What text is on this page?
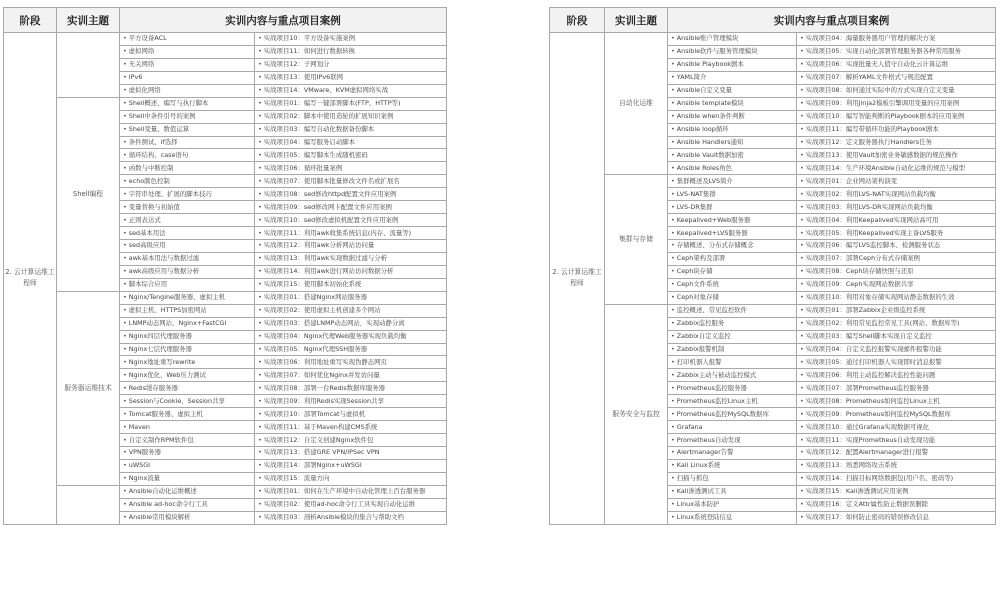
阶段	实训主题	实训内容与重点项目案例	
2. 云计算运维工程师		• 平方设备ACL	• 实战项目10：平方设备实施案例
		• 虚拟网络	• 实战项目11：如何进行数据转换
		• 无关网络	• 实战项目12：子网划分
		• IPv6	• 实战项目13：使用IPv6联网
		• 虚拟化网络	• 实战项目14：VMware、KVM虚拟网络实战
	Shell编程	• Shell概述、编写与执行脚本	• 实战项目01：编写一键部署脚本(FTP、HTTP等)
		• Shell中条件引号的案例	• 实战项目02：脚本中使用造轮的扩展知识案例
		• Shell变量、数值运算	• 实战项目03：编写自动化数据备份脚本
		• 条件测试、if选择	• 实战项目04：编写服务启动脚本
		• 循环结构、case语句	• 实战项目05：编写脚本生成随机密码
		• 函数与中断控制	• 实战项目06：循环批量案例
		• echo颜色控制	• 实战项目07：使用脚本批量修改文件名或扩展名
		• 字符串处理、扩展的脚本技巧	• 实战项目08：sed修改httpd配置文件应用案例
		• 变量替换与初始值	• 实战项目09：sed修改网卡配置文件应用案例
		• 正则表达式	• 实战项目10：sed修改虚拟机配置文件应用案例
		• sed基本用法	• 实战项目11：利用awk收集系统信息(内存、流量等)
		• sed高级应用	• 实战项目12：利用awk分析网站访问量
		• awk基本用法与数据过滤	• 实战项目13：利用awk实现数据过滤与分析
		• awk高级应用与数据分析	• 实战项目14：利用awk进行网站访问数据分析
		• 脚本综合应用	• 实战项目15：使用脚本初始化系统
	服务器运维技术	• Nginx/Tengine服务器、虚拟主机	• 实战项目01：搭建Nginx网站服务器
		• 虚拟主机、HTTPS加密网站	• 实战项目02：使用虚拟主机创建多个网站
		• LNMP动态网站、Nginx+FastCGI	• 实战项目03：搭建LNMP动态网站，实现动静分离
		• Nginx四层代理服务器	• 实战项目04：Nginx代理Web服务器实现负载均衡
		• Nginx七层代理服务器	• 实战项目05：Nginx代理SSH服务器
		• Nginx地址重写rewrite	• 实战项目06：利用地址重写实现伪静态网页
		• Nginx优化、Web压力测试	• 实战项目07：如何优化Nginx并发访问量
		• Redis缓存服务器	• 实战项目08：部署一台Redis数据库服务器
		• Session与Cookie、Session共享	• 实战项目09：利用Redis实现Session共享
		• Tomcat服务器、虚拟主机	• 实战项目10：部署Tomcat与虚拟机
		• Maven	• 实战项目11：基于Maven构建CMS系统
		• 自定义制作RPM软件包	• 实战项目12：自定义创建Nginx软件包
		• VPN服务器	• 实战项目13：搭建GRE VPN/IPSec VPN
		• uWSGI	• 实战项目14：部署Nginx+uWSGI
		• Nginx流量	• 实战项目15：流量方向
		• Ansible自动化运维概述	• 实战项目01：如何在生产环境中自动化管理上百台服务器
		• Ansible ad-hoc命令行工具	• 实战项目02：使用ad-hoc命令行工具实现自动化运维
		• Ansible常用模块解析	• 实战项目03：剖析Ansible模块的集合与帮助文档
阶段	实训主题	实训内容与重点项目案例	
2. 云计算运维工程师	自动化运维	• Ansible账户管理模块	• 实战项目04：海量服务器用户管理的解决方案
		• Ansible软件与服务管理模块	• 实战项目05：实现自动化部署管理服务器各种常用服务
		• Ansible Playbook剧本	• 实战项目06：实现批量无人值守自动化云计算运维
		• YAML简介	• 实战项目07：解析YAML文件格式与规范配置
		• Ansible自定义变量	• 实战项目08：如何通过实际中的方式实现自定义变量
		• Ansible template模块	• 实战项目09：利用Jinja2模板引擎调用变量的应用案例
		• Ansible when条件判断	• 实战项目10：编写智能判断的Playbook剧本的应用案例
		• Ansible loop循环	• 实战项目11：编写带循环功能的Playbook剧本
		• Ansible Handlers通知	• 实战项目12：定义服务器执行Handlers任务
		• Ansible Vault数据加密	• 实战项目13：使用Vault加密业务敏感数据的规范操作
		• Ansible Roles角色	• 实战项目14：生产环境Ansible自动化运维的规范与模型
	集群与存储	• 集群概述及LVS简介	• 实战项目01：企业网站架构演变
		• LVS-NAT集群	• 实战项目02：利用LVS-NAT实现网站负载均衡
		• LVS-DR集群	• 实战项目03：利用LVS-DR实现网站负载均衡
		• Keepalived+Web服务器	• 实战项目04：利用Keepalived实现网站高可用
		• Keepalived+LVS服务器	• 实战项目05：利用Keepalived实现主备LVS服务
		• 存储概述、分布式存储概念	• 实战项目06：编写LVS监控脚本、检测服务状态
		• Ceph架构及部署	• 实战项目07：部署Ceph分布式存储案例
		• Ceph块存储	• 实战项目08：Ceph块存储快照与还原
		• Ceph文件系统	• 实战项目09：Ceph实现网站数据共享
		• Ceph对象存储	• 实战项目10：利用对象存储实现网站静态数据的生效
	服务安全与监控	• 监控概述、常见监控软件	• 实战项目01：部署Zabbix企业级监控系统
		• Zabbix监控服务	• 实战项目02：利用常见监控常见工具(网站、数据库等)
		• Zabbix自定义监控	• 实战项目03：编写Shell脚本实现自定义监控
		• Zabbix报警机制	• 实战项目04：自定义监控报警实现邮件报警功能
		• 打印机器人报警	• 实战项目05：通过打印机器人实现即时消息报警
		• Zabbix主动与被动监控模式	• 实战项目06：利用主动监控解决监控性能问题
		• Prometheus监控服务器	• 实战项目07：部署Prometheus监控服务器
		• Prometheus监控Linux主机	• 实战项目08：Prometheus如何监控Linux主机
		• Prometheus监控MySQL数据库	• 实战项目09：Prometheus如何监控MySQL数据库
		• Grafana	• 实战项目10：通过Grafana实现数据可视化
		• Prometheus自动发现	• 实战项目11：实现Prometheus自动发现功能
		• Alertmanager告警	• 实战项目12：配置Alertmanager进行报警
		• Kali Linux系统	• 实战项目13：熟悉网络攻击系统
		• 扫描与抓包	• 实战项目14：扫描目标网络数据包(用户名、密码等)
		• Kali渗透测试工具	• 实战项目15：Kali渗透测试应用案例
		• Linux基本防护	• 实战项目16：定义Attr属性防止数据误删除
		• Linux系统登陆信息	• 实战项目17：如何防止密码的错误修改信息
